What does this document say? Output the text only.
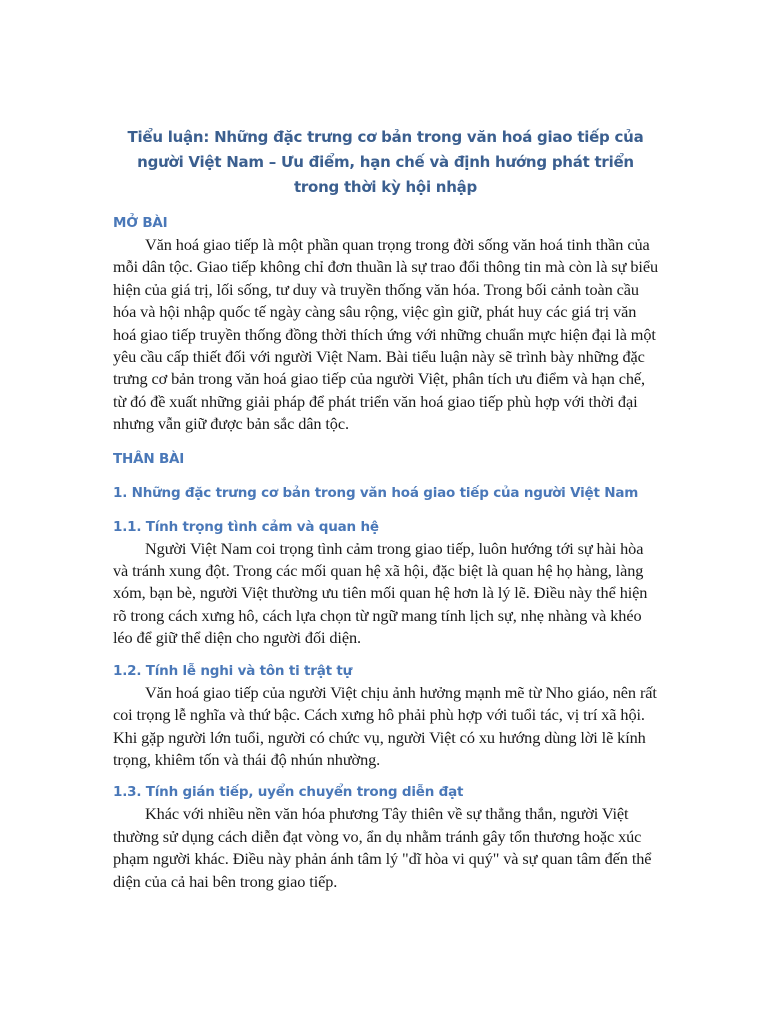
Tiểu luận: Những đặc trưng cơ bản trong văn hoá giao tiếp của người Việt Nam – Ưu điểm, hạn chế và định hướng phát triển trong thời kỳ hội nhập
MỞ BÀI

Văn hoá giao tiếp là một phần quan trọng trong đời sống văn hoá tinh thần của mỗi dân tộc. Giao tiếp không chỉ đơn thuần là sự trao đổi thông tin mà còn là sự biểu hiện của giá trị, lối sống, tư duy và truyền thống văn hóa. Trong bối cảnh toàn cầu hóa và hội nhập quốc tế ngày càng sâu rộng, việc gìn giữ, phát huy các giá trị văn hoá giao tiếp truyền thống đồng thời thích ứng với những chuẩn mực hiện đại là một yêu cầu cấp thiết đối với người Việt Nam. Bài tiểu luận này sẽ trình bày những đặc trưng cơ bản trong văn hoá giao tiếp của người Việt, phân tích ưu điểm và hạn chế, từ đó đề xuất những giải pháp để phát triển văn hoá giao tiếp phù hợp với thời đại nhưng vẫn giữ được bản sắc dân tộc.

THÂN BÀI
1. Những đặc trưng cơ bản trong văn hoá giao tiếp của người Việt Nam
1.1. Tính trọng tình cảm và quan hệ

Người Việt Nam coi trọng tình cảm trong giao tiếp, luôn hướng tới sự hài hòa và tránh xung đột. Trong các mối quan hệ xã hội, đặc biệt là quan hệ họ hàng, làng xóm, bạn bè, người Việt thường ưu tiên mối quan hệ hơn là lý lẽ. Điều này thể hiện rõ trong cách xưng hô, cách lựa chọn từ ngữ mang tính lịch sự, nhẹ nhàng và khéo léo để giữ thể diện cho người đối diện.

1.2. Tính lễ nghi và tôn ti trật tự

Văn hoá giao tiếp của người Việt chịu ảnh hưởng mạnh mẽ từ Nho giáo, nên rất coi trọng lễ nghĩa và thứ bậc. Cách xưng hô phải phù hợp với tuổi tác, vị trí xã hội. Khi gặp người lớn tuổi, người có chức vụ, người Việt có xu hướng dùng lời lẽ kính trọng, khiêm tốn và thái độ nhún nhường.

1.3. Tính gián tiếp, uyển chuyển trong diễn đạt

Khác với nhiều nền văn hóa phương Tây thiên về sự thẳng thắn, người Việt thường sử dụng cách diễn đạt vòng vo, ẩn dụ nhằm tránh gây tổn thương hoặc xúc phạm người khác. Điều này phản ánh tâm lý "dĩ hòa vi quý" và sự quan tâm đến thể diện của cả hai bên trong giao tiếp.
